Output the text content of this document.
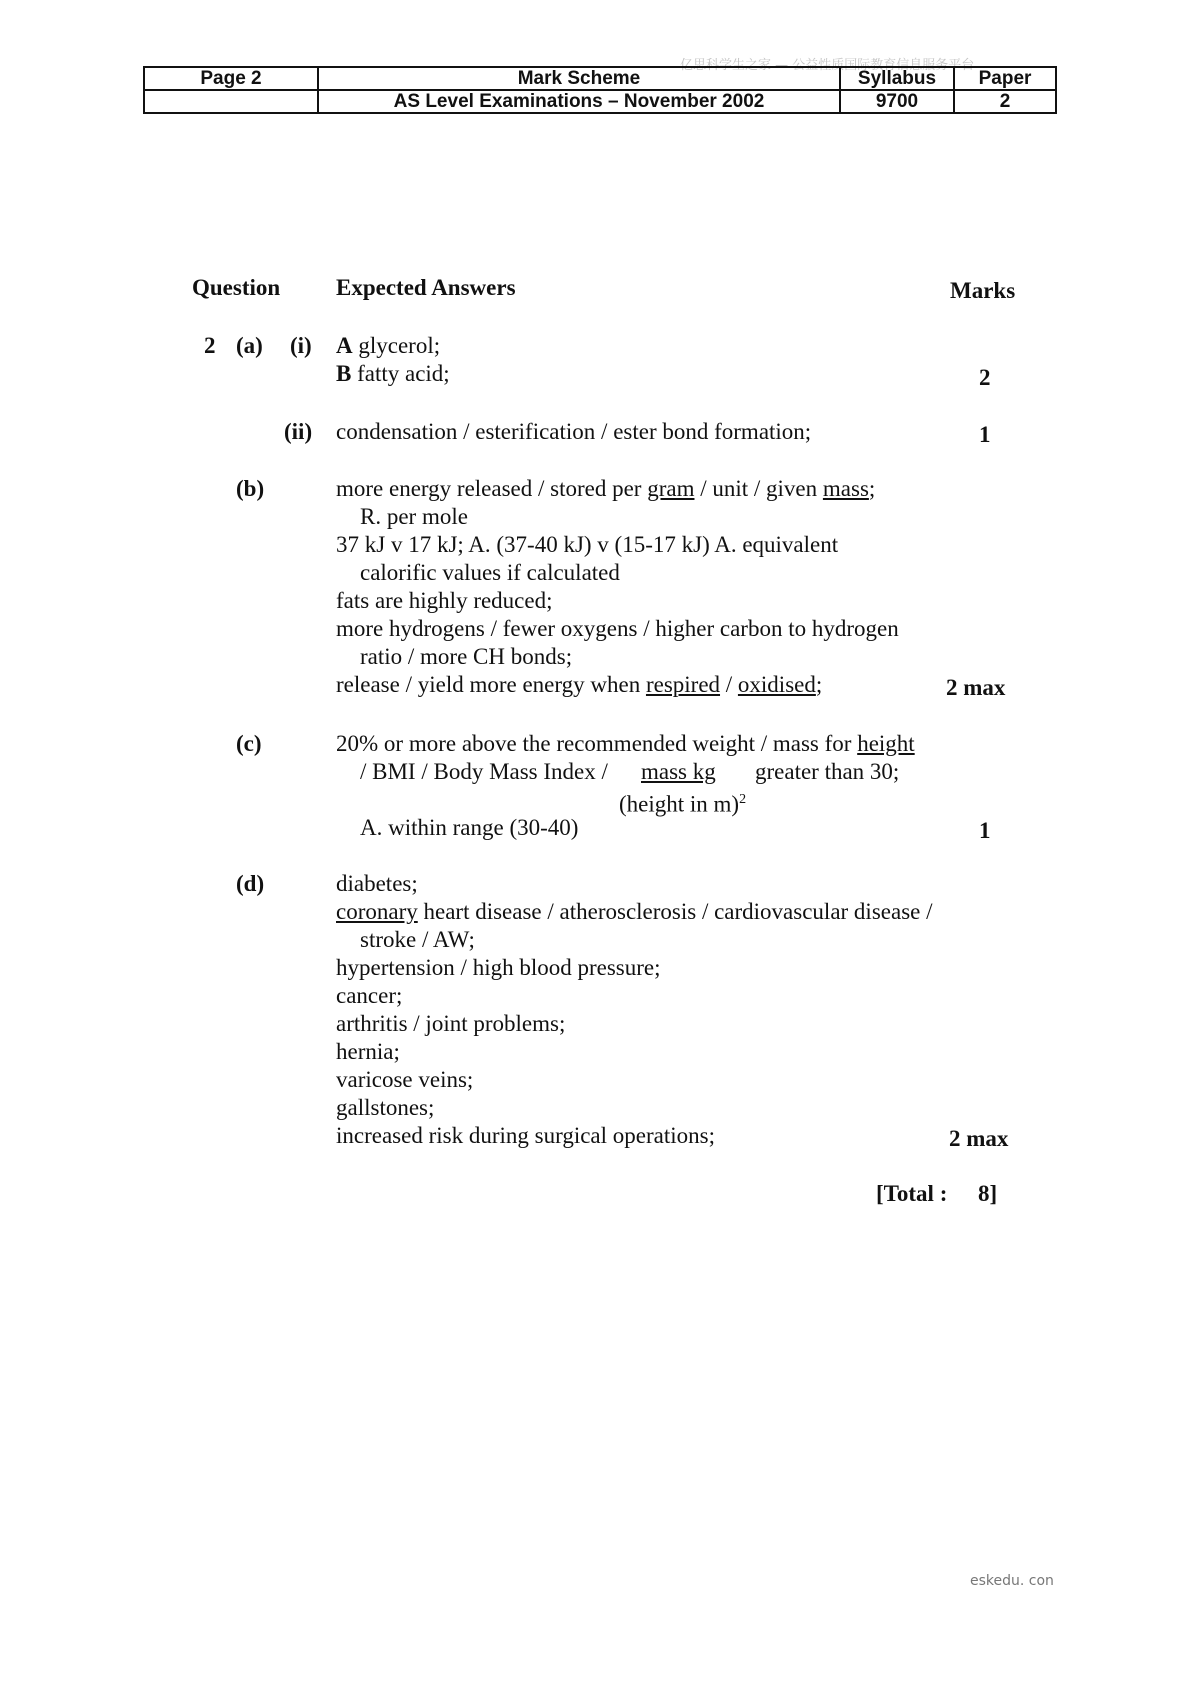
亿思科学生之家 — 公益性质国际教育信息服务平台
Page 2	Mark Scheme	Syllabus	Paper
	AS Level Examinations – November 2002	9700	2
Question Expected Answers	Marks
2 (a) (i) A glycerol;
B fatty acid;	2
(ii) condensation / esterification / ester bond formation;	1
(b)	more energy released / stored per gram / unit / given mass;
R. per mole
37 kJ v 17 kJ; A. (37-40 kJ) v (15-17 kJ) A. equivalent
calorific values if calculated
fats are highly reduced;
more hydrogens / fewer oxygens / higher carbon to hydrogen
ratio / more CH bonds;
release / yield more energy when respired / oxidised;	2 max
(c)	20% or more above the recommended weight / mass for height
/ BMI / Body Mass Index / mass kg greater than 30;
(height in m)$^2$
A. within range (30-40)	1
(d)	diabetes;
coronary heart disease / atherosclerosis / cardiovascular disease /
stroke / AW;
hypertension / high blood pressure;
cancer;
arthritis / joint problems;
hernia;
varicose veins;
gallstones;
increased risk during surgical operations;	2 max
[Total : 8]
eskedu. con
